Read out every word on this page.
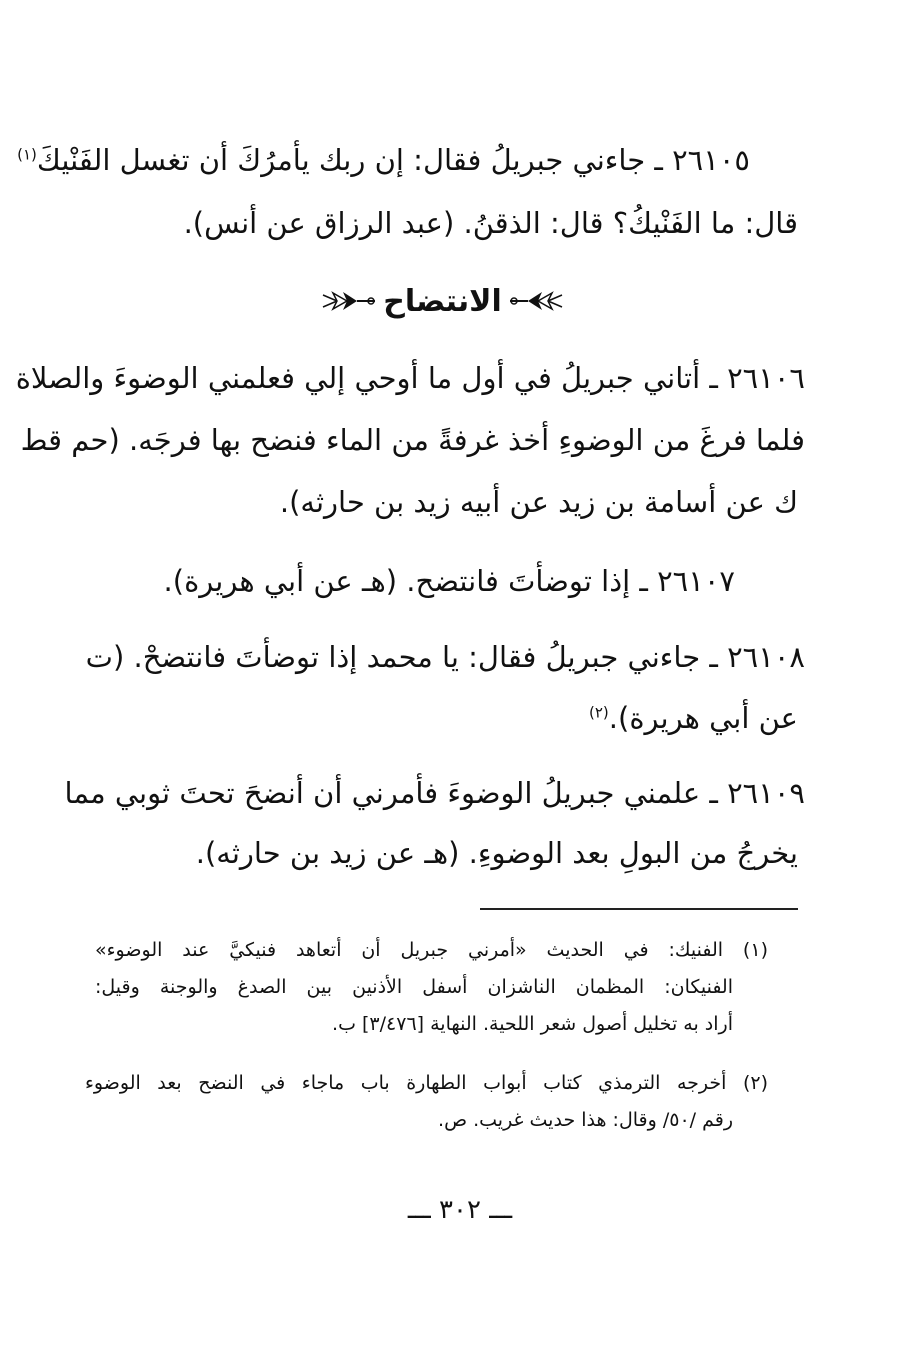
٢٦١٠٥ ـ جاءني جبريلُ فقال: إن ربك يأمرُكَ أن تغسل الفَنْيكَ$^{(١)}$
قال: ما الفَنْيكُ؟ قال: الذقنُ. (عبد الرزاق عن أنس).
الانتضاح
٢٦١٠٦ ـ أتاني جبريلُ في أول ما أوحي إلي فعلمني الوضوءَ والصلاة
فلما فرغَ من الوضوءِ أخذ غرفةً من الماء فنضح بها فرجَه. (حم قط
ك عن أسامة بن زيد عن أبيه زيد بن حارثه).
٢٦١٠٧ ـ إذا توضأتَ فانتضح. (هـ عن أبي هريرة).
٢٦١٠٨ ـ جاءني جبريلُ فقال: يا محمد إذا توضأتَ فانتضحْ. (ت
عن أبي هريرة).$^{(٢)}$
٢٦١٠٩ ـ علمني جبريلُ الوضوءَ فأمرني أن أنضحَ تحتَ ثوبي مما
يخرجُ من البولِ بعد الوضوءِ. (هـ عن زيد بن حارثه).
(١) الفنيك: في الحديث «أمرني جبريل أن أتعاهد فنيكيَّ عند الوضوء»
الفنيكان: المظمان الناشزان أسفل الأذنين بين الصدغ والوجنة وقيل:
أراد به تخليل أصول شعر اللحية. النهاية [٣/٤٧٦] ب.
(٢) أخرجه الترمذي كتاب أبواب الطهارة باب ماجاء في النضح بعد الوضوء
رقم /٥٠/ وقال: هذا حديث غريب. ص.
ـــ ٣٠٢ ـــ
